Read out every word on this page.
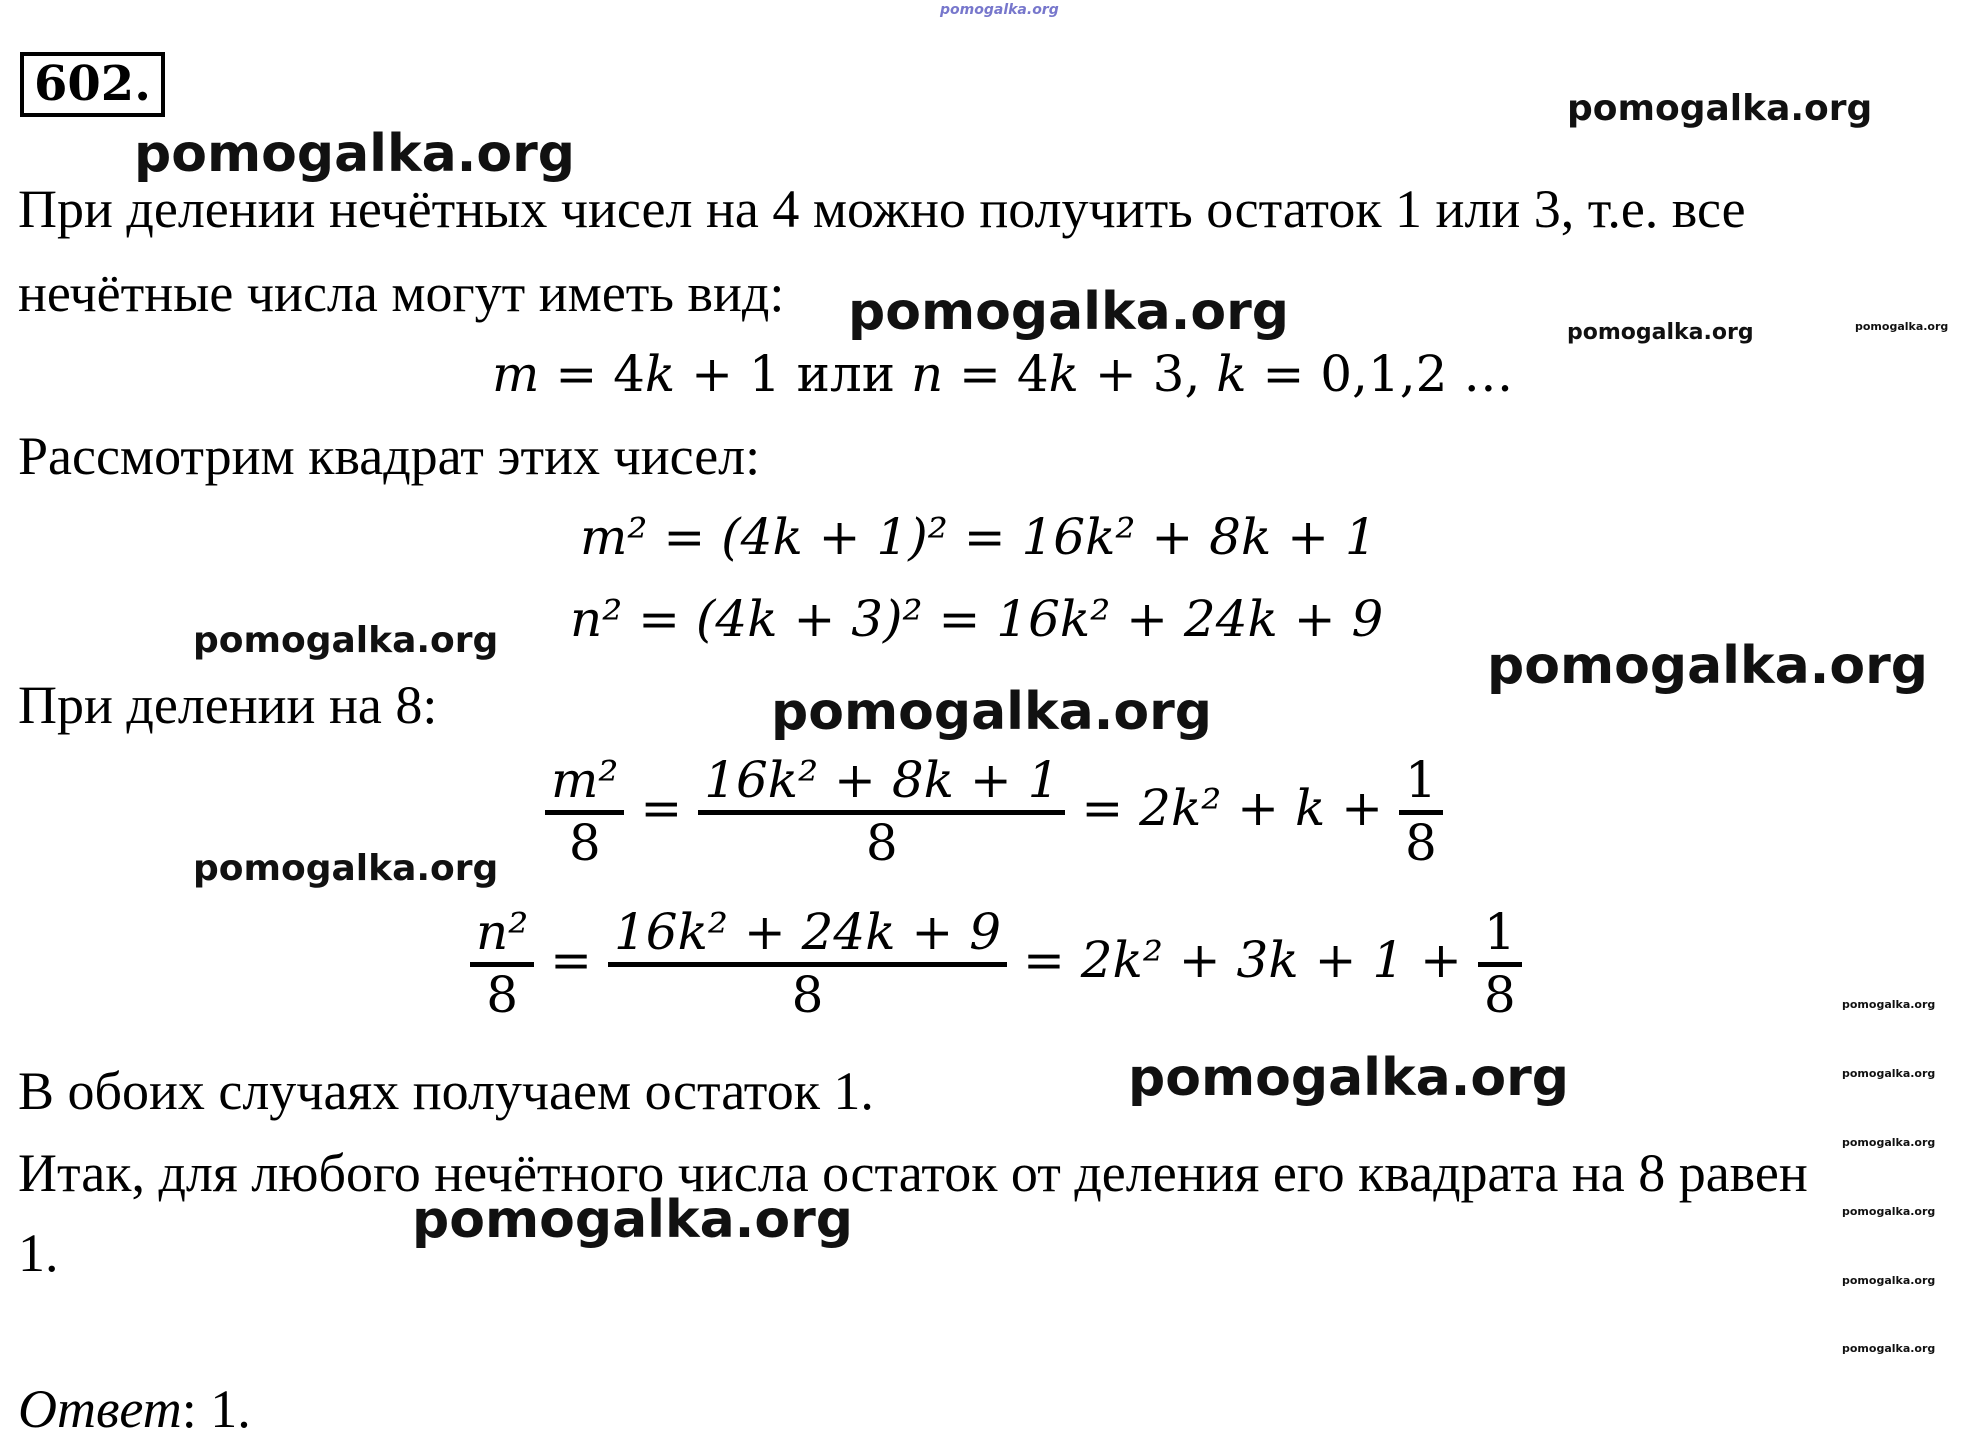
pomogalka.org
602.
pomogalka.org
pomogalka.org
При делении нечётных чисел на 4 можно получить остаток 1 или 3, т.е. все
нечётные числа могут иметь вид: pomogalka.org	pomogalka.org	pomogalka.org
m = 4k + 1 или n = 4k + 3, k = 0,1,2 …
Рассмотрим квадрат этих чисел:
m² = (4k + 1)² = 16k² + 8k + 1
n² = (4k + 3)² = 16k² + 24k + 9
pomogalka.org	pomogalka.org
При делении на 8:	pomogalka.org
$\frac{\text{m²}}{8} = \frac{\text{16k² + 8k + 1}}{8} = 2k^2 + k + \frac{1}{8}$
pomogalka.org
$\frac{\text{n²}}{8} = \frac{\text{16k² + 24k + 9}}{8} = 2k^2 + 3k + 1 + \frac{1}{8}$	pomogalka.org
pomogalka.org
pomogalka.org
pomogalka.org
pomogalka.org
pomogalka.org
В обоих случаях получаем остаток 1.	pomogalka.org
Итак, для любого нечётного числа остаток от деления его квадрата на 8 равен
1.
pomogalka.org
Ответ: 1.
